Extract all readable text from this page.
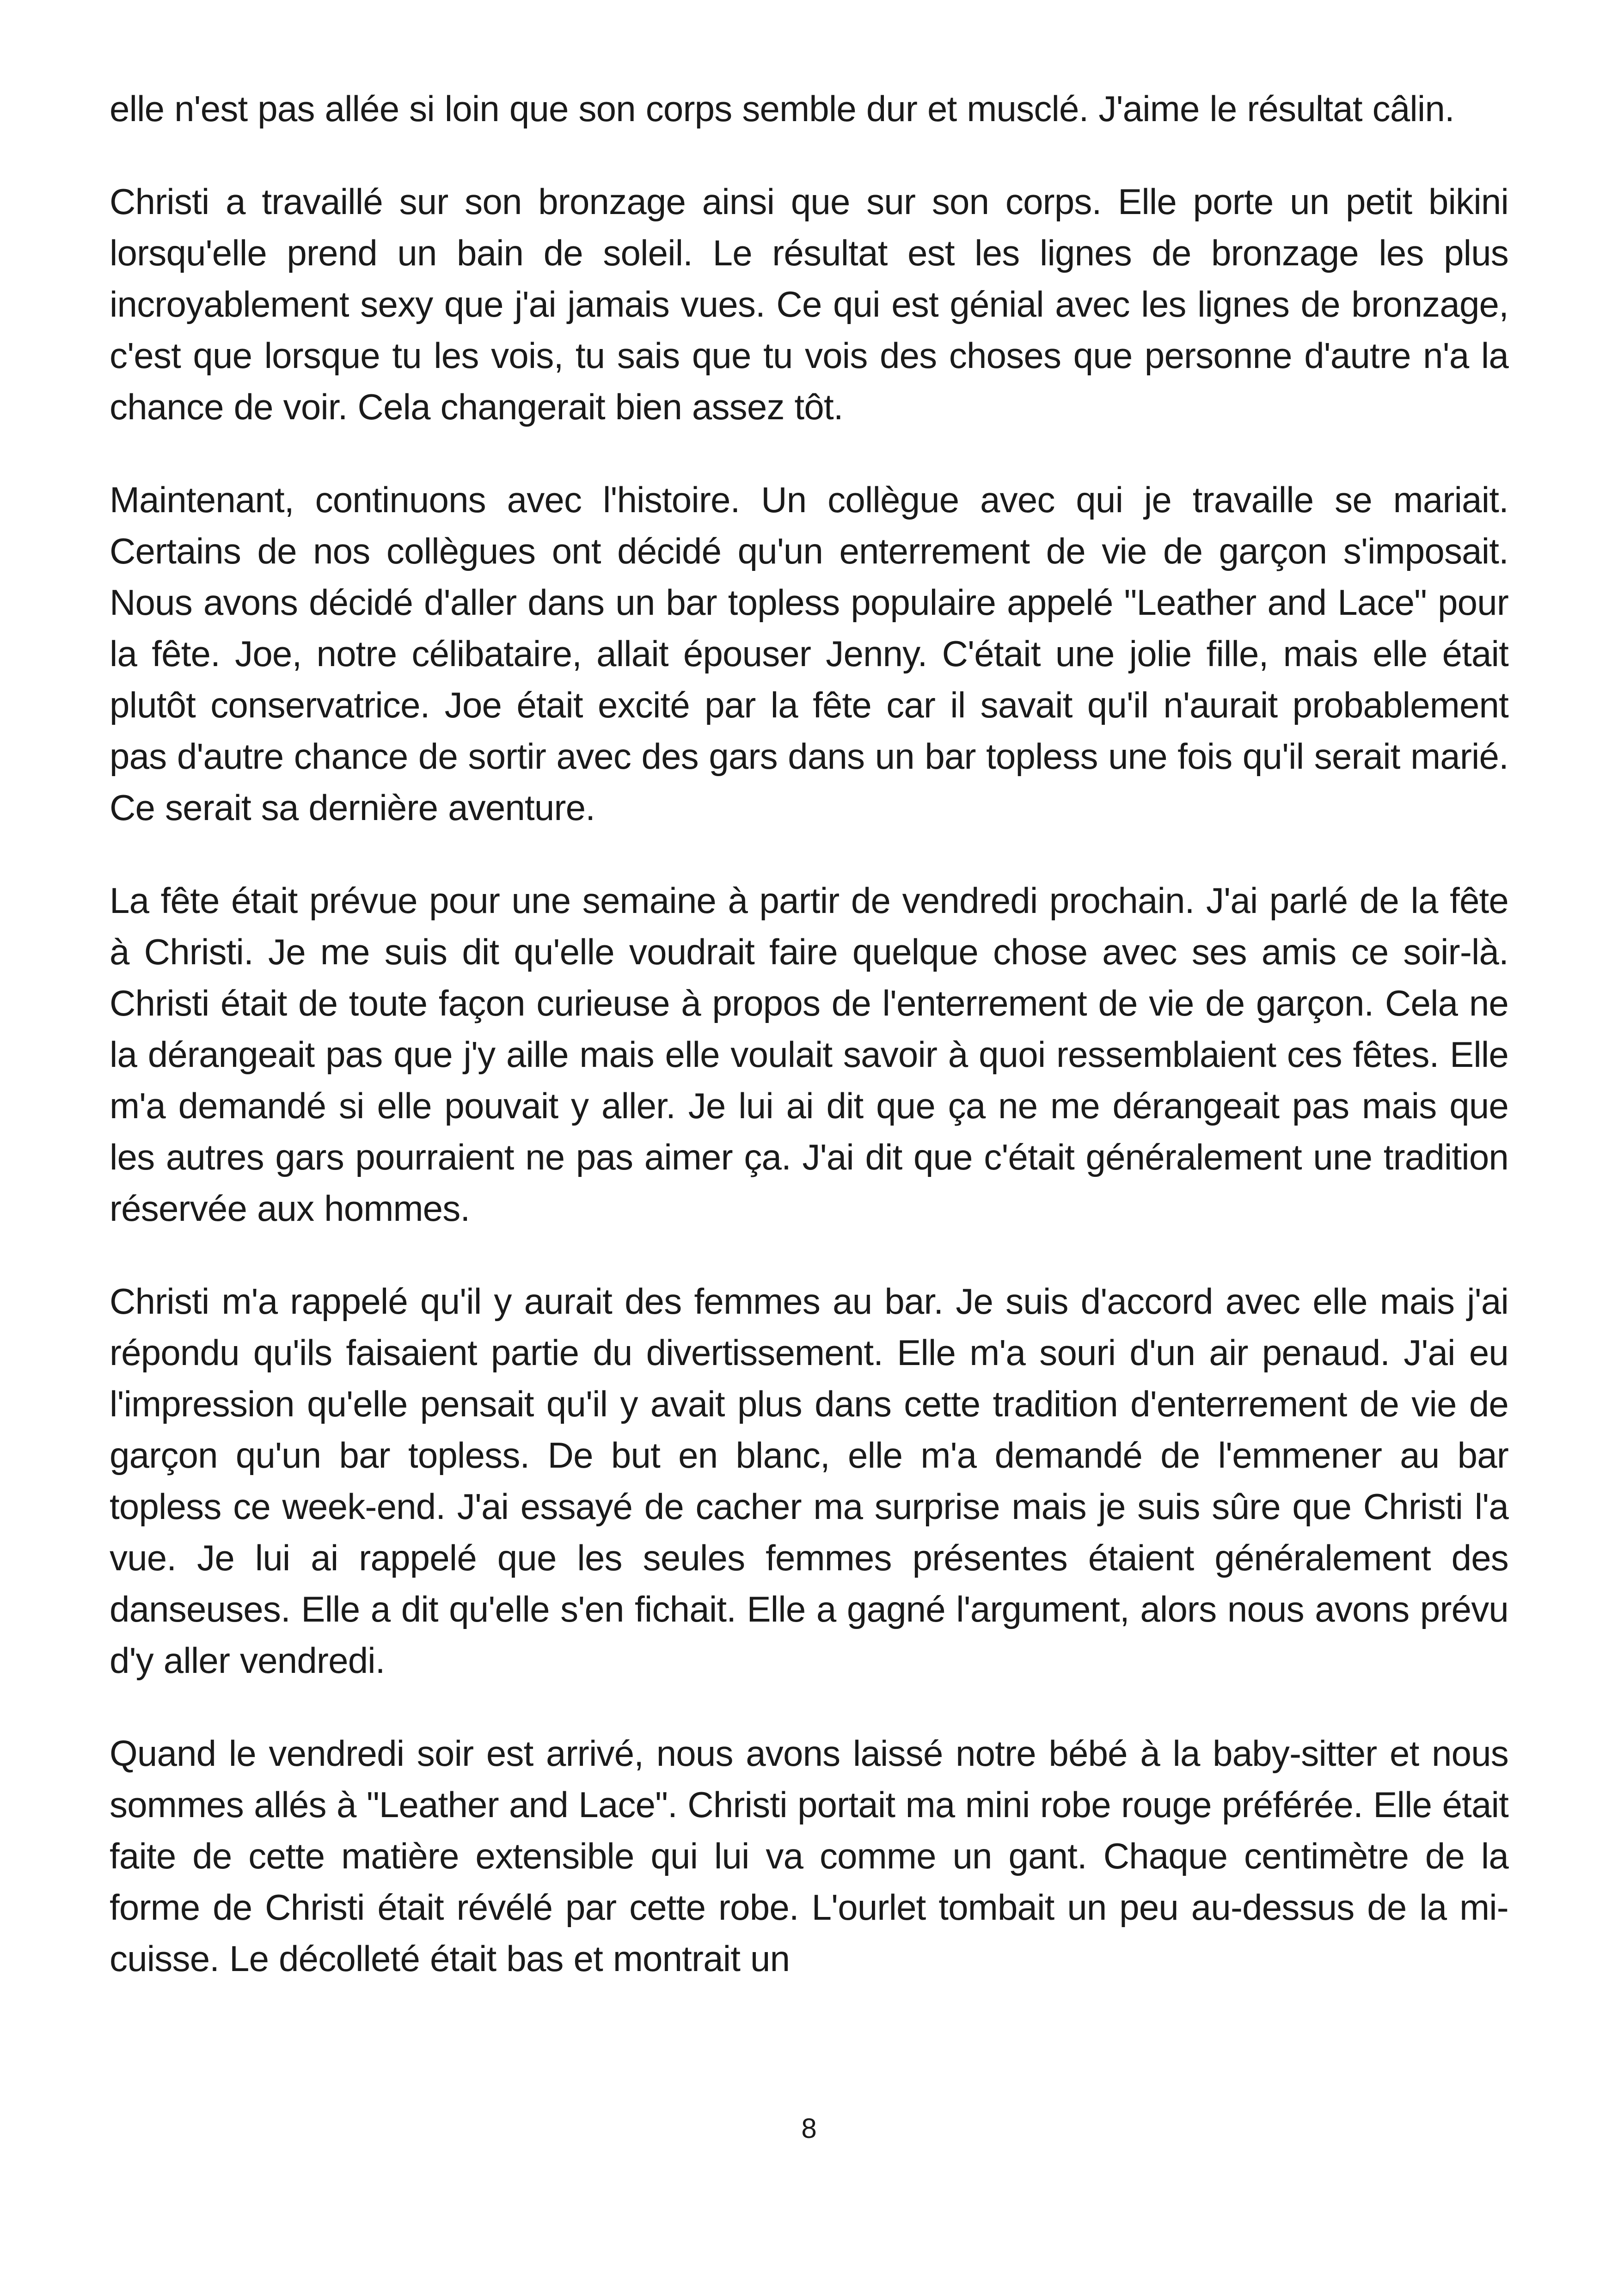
elle n'est pas allée si loin que son corps semble dur et musclé. J'aime le résultat câlin.

Christi a travaillé sur son bronzage ainsi que sur son corps. Elle porte un petit bikini lorsqu'elle prend un bain de soleil. Le résultat est les lignes de bronzage les plus incroyablement sexy que j'ai jamais vues. Ce qui est génial avec les lignes de bronzage, c'est que lorsque tu les vois, tu sais que tu vois des choses que personne d'autre n'a la chance de voir. Cela changerait bien assez tôt.

Maintenant, continuons avec l'histoire. Un collègue avec qui je travaille se mariait. Certains de nos collègues ont décidé qu'un enterrement de vie de garçon s'imposait. Nous avons décidé d'aller dans un bar topless populaire appelé "Leather and Lace" pour la fête. Joe, notre célibataire, allait épouser Jenny. C'était une jolie fille, mais elle était plutôt conservatrice. Joe était excité par la fête car il savait qu'il n'aurait probablement pas d'autre chance de sortir avec des gars dans un bar topless une fois qu'il serait marié. Ce serait sa dernière aventure.

La fête était prévue pour une semaine à partir de vendredi prochain. J'ai parlé de la fête à Christi. Je me suis dit qu'elle voudrait faire quelque chose avec ses amis ce soir-là. Christi était de toute façon curieuse à propos de l'enterrement de vie de garçon. Cela ne la dérangeait pas que j'y aille mais elle voulait savoir à quoi ressemblaient ces fêtes. Elle m'a demandé si elle pouvait y aller. Je lui ai dit que ça ne me dérangeait pas mais que les autres gars pourraient ne pas aimer ça. J'ai dit que c'était généralement une tradition réservée aux hommes.

Christi m'a rappelé qu'il y aurait des femmes au bar. Je suis d'accord avec elle mais j'ai répondu qu'ils faisaient partie du divertissement. Elle m'a souri d'un air penaud. J'ai eu l'impression qu'elle pensait qu'il y avait plus dans cette tradition d'enterrement de vie de garçon qu'un bar topless. De but en blanc, elle m'a demandé de l'emmener au bar topless ce week-end. J'ai essayé de cacher ma surprise mais je suis sûre que Christi l'a vue. Je lui ai rappelé que les seules femmes présentes étaient généralement des danseuses. Elle a dit qu'elle s'en fichait. Elle a gagné l'argument, alors nous avons prévu d'y aller vendredi.

Quand le vendredi soir est arrivé, nous avons laissé notre bébé à la baby-sitter et nous sommes allés à "Leather and Lace". Christi portait ma mini robe rouge préférée. Elle était faite de cette matière extensible qui lui va comme un gant. Chaque centimètre de la forme de Christi était révélé par cette robe. L'ourlet tombait un peu au-dessus de la mi-cuisse. Le décolleté était bas et montrait un

8
